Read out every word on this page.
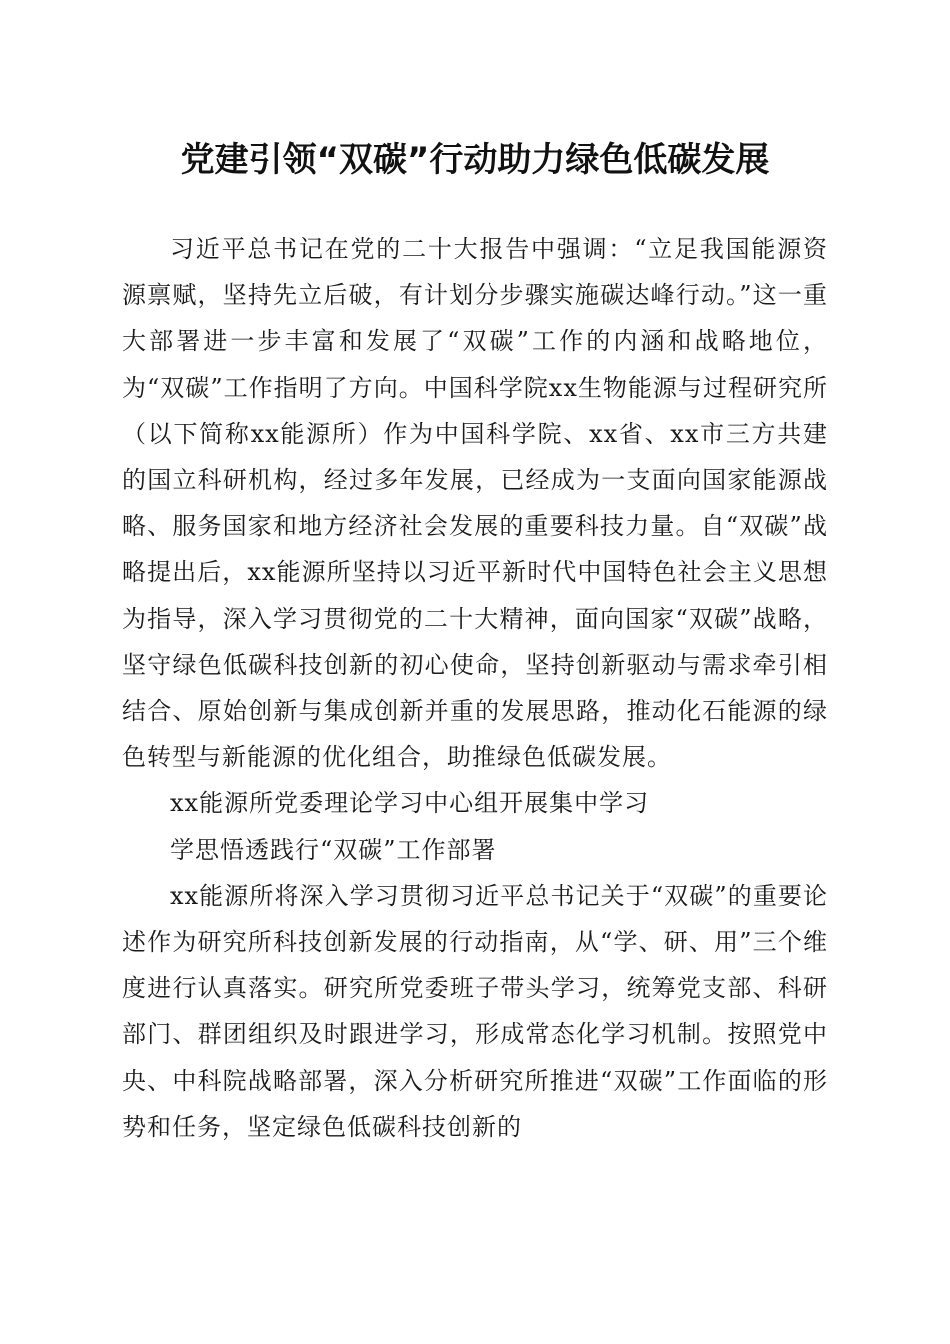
党建引领“双碳”行动助力绿色低碳发展

习近平总书记在党的二十大报告中强调：“立足我国能源资源禀赋，坚持先立后破，有计划分步骤实施碳达峰行动。”这一重大部署进一步丰富和发展了“双碳”工作的内涵和战略地位，为“双碳”工作指明了方向。中国科学院xx生物能源与过程研究所（以下简称xx能源所）作为中国科学院、xx省、xx市三方共建的国立科研机构，经过多年发展，已经成为一支面向国家能源战略、服务国家和地方经济社会发展的重要科技力量。自“双碳”战略提出后，xx能源所坚持以习近平新时代中国特色社会主义思想为指导，深入学习贯彻党的二十大精神，面向国家“双碳”战略，坚守绿色低碳科技创新的初心使命，坚持创新驱动与需求牵引相结合、原始创新与集成创新并重的发展思路，推动化石能源的绿色转型与新能源的优化组合，助推绿色低碳发展。

xx能源所党委理论学习中心组开展集中学习

学思悟透践行“双碳”工作部署

xx能源所将深入学习贯彻习近平总书记关于“双碳”的重要论述作为研究所科技创新发展的行动指南，从“学、研、用”三个维度进行认真落实。研究所党委班子带头学习，统筹党支部、科研部门、群团组织及时跟进学习，形成常态化学习机制。按照党中央、中科院战略部署，深入分析研究所推进“双碳”工作面临的形势和任务，坚定绿色低碳科技创新的
